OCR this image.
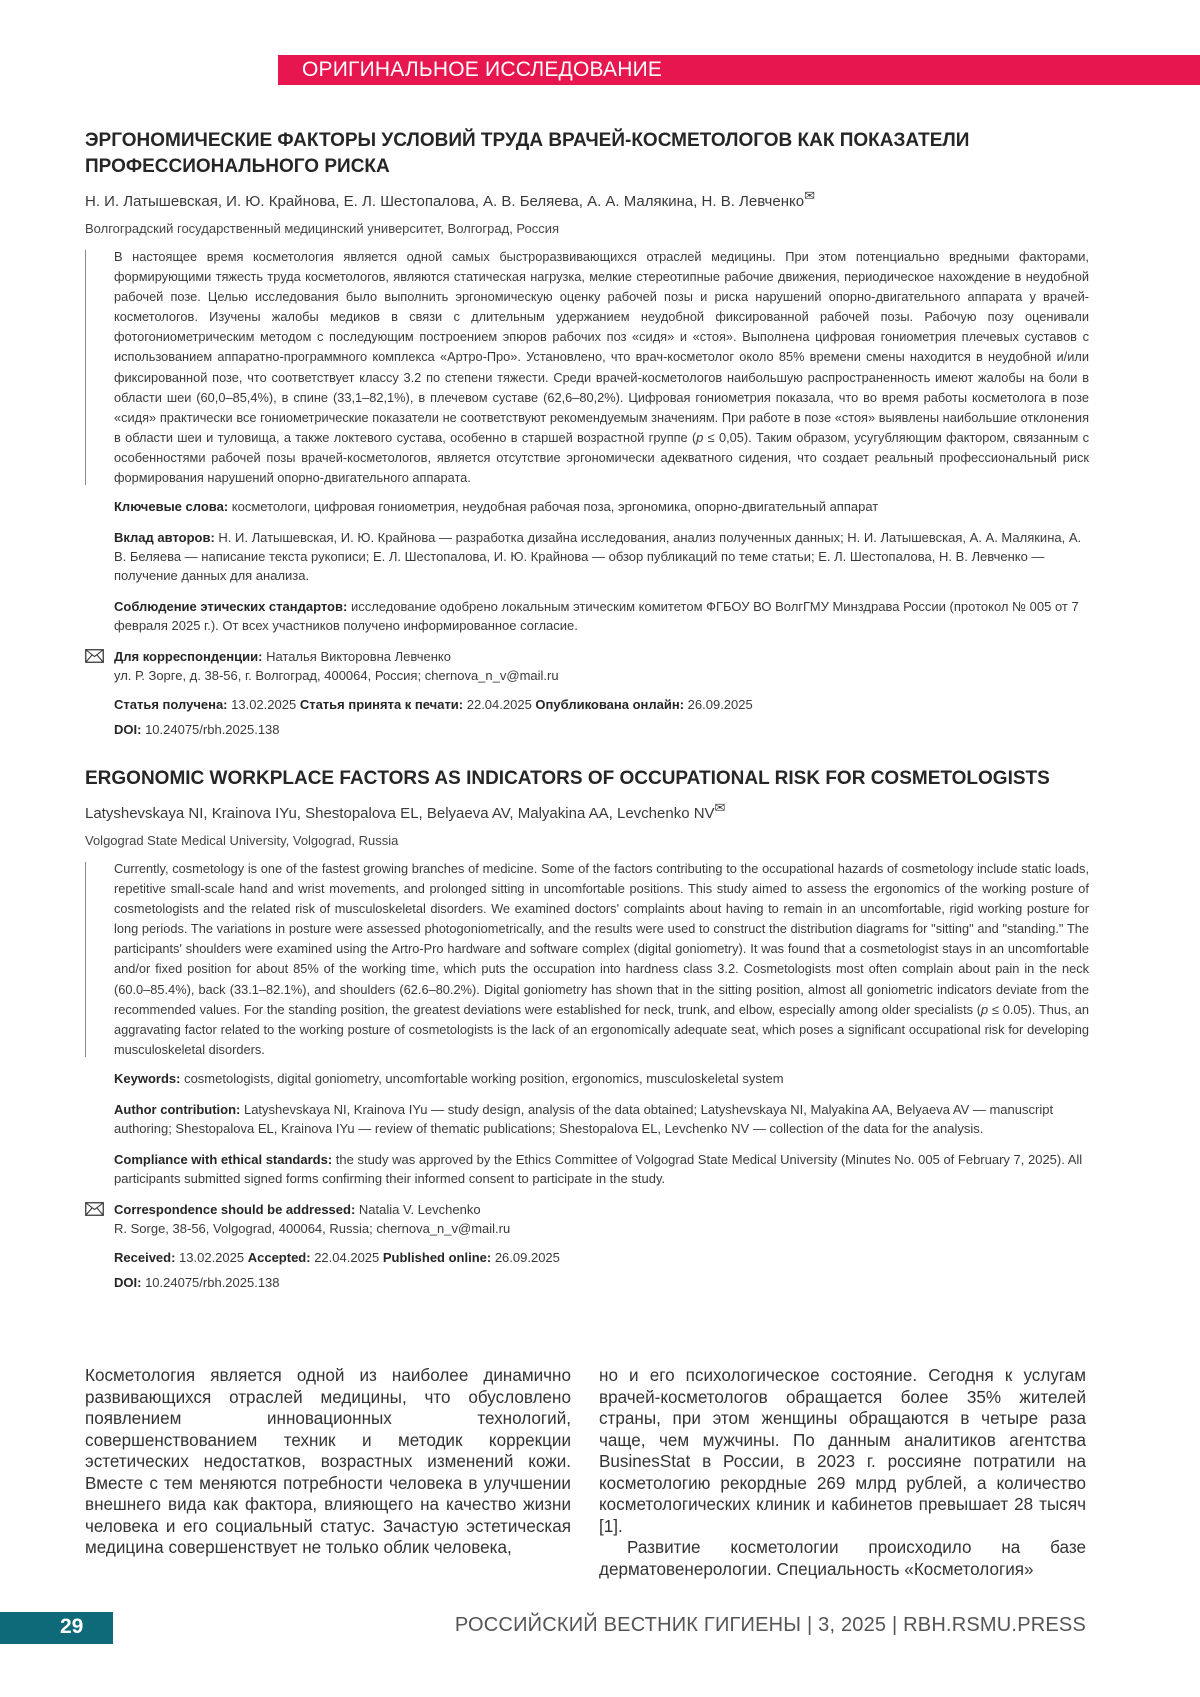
ОРИГИНАЛЬНОЕ ИССЛЕДОВАНИЕ
ЭРГОНОМИЧЕСКИЕ ФАКТОРЫ УСЛОВИЙ ТРУДА ВРАЧЕЙ-КОСМЕТОЛОГОВ КАК ПОКАЗАТЕЛИ ПРОФЕССИОНАЛЬНОГО РИСКА
Н. И. Латышевская, И. Ю. Крайнова, Е. Л. Шестопалова, А. В. Беляева, А. А. Малякина, Н. В. Левченко✉
Волгоградский государственный медицинский университет, Волгоград, Россия
В настоящее время косметология является одной самых быстроразвивающихся отраслей медицины. При этом потенциально вредными факторами, формирующими тяжесть труда косметологов, являются статическая нагрузка, мелкие стереотипные рабочие движения, периодическое нахождение в неудобной рабочей позе. Целью исследования было выполнить эргономическую оценку рабочей позы и риска нарушений опорно-двигательного аппарата у врачей-косметологов. Изучены жалобы медиков в связи с длительным удержанием неудобной фиксированной рабочей позы. Рабочую позу оценивали фотогониометрическим методом с последующим построением эпюров рабочих поз «сидя» и «стоя». Выполнена цифровая гониометрия плечевых суставов с использованием аппаратно-программного комплекса «Артро-Про». Установлено, что врач-косметолог около 85% времени смены находится в неудобной и/или фиксированной позе, что соответствует классу 3.2 по степени тяжести. Среди врачей-косметологов наибольшую распространенность имеют жалобы на боли в области шеи (60,0–85,4%), в спине (33,1–82,1%), в плечевом суставе (62,6–80,2%). Цифровая гониометрия показала, что во время работы косметолога в позе «сидя» практически все гониометрические показатели не соответствуют рекомендуемым значениям. При работе в позе «стоя» выявлены наибольшие отклонения в области шеи и туловища, а также локтевого сустава, особенно в старшей возрастной группе (p ≤ 0,05). Таким образом, усугубляющим фактором, связанным с особенностями рабочей позы врачей-косметологов, является отсутствие эргономически адекватного сидения, что создает реальный профессиональный риск формирования нарушений опорно-двигательного аппарата.
Ключевые слова: косметологи, цифровая гониометрия, неудобная рабочая поза, эргономика, опорно-двигательный аппарат
Вклад авторов: Н. И. Латышевская, И. Ю. Крайнова — разработка дизайна исследования, анализ полученных данных; Н. И. Латышевская, А. А. Малякина, А. В. Беляева — написание текста рукописи; Е. Л. Шестопалова, И. Ю. Крайнова — обзор публикаций по теме статьи; Е. Л. Шестопалова, Н. В. Левченко — получение данных для анализа.
Соблюдение этических стандартов: исследование одобрено локальным этическим комитетом ФГБОУ ВО ВолгГМУ Минздрава России (протокол № 005 от 7 февраля 2025 г.). От всех участников получено информированное согласие.
Для корреспонденции: Наталья Викторовна Левченко
ул. Р. Зорге, д. 38-56, г. Волгоград, 400064, Россия; chernova_n_v@mail.ru
Статья получена: 13.02.2025 Статья принята к печати: 22.04.2025 Опубликована онлайн: 26.09.2025
DOI: 10.24075/rbh.2025.138
ERGONOMIC WORKPLACE FACTORS AS INDICATORS OF OCCUPATIONAL RISK FOR COSMETOLOGISTS
Latyshevskaya NI, Krainova IYu, Shestopalova EL, Belyaeva AV, Malyakina AA, Levchenko NV✉
Volgograd State Medical University, Volgograd, Russia
Currently, cosmetology is one of the fastest growing branches of medicine. Some of the factors contributing to the occupational hazards of cosmetology include static loads, repetitive small-scale hand and wrist movements, and prolonged sitting in uncomfortable positions. This study aimed to assess the ergonomics of the working posture of cosmetologists and the related risk of musculoskeletal disorders. We examined doctors' complaints about having to remain in an uncomfortable, rigid working posture for long periods. The variations in posture were assessed photogoniometrically, and the results were used to construct the distribution diagrams for "sitting" and "standing." The participants' shoulders were examined using the Artro-Pro hardware and software complex (digital goniometry). It was found that a cosmetologist stays in an uncomfortable and/or fixed position for about 85% of the working time, which puts the occupation into hardness class 3.2. Cosmetologists most often complain about pain in the neck (60.0–85.4%), back (33.1–82.1%), and shoulders (62.6–80.2%). Digital goniometry has shown that in the sitting position, almost all goniometric indicators deviate from the recommended values. For the standing position, the greatest deviations were established for neck, trunk, and elbow, especially among older specialists (p ≤ 0.05). Thus, an aggravating factor related to the working posture of cosmetologists is the lack of an ergonomically adequate seat, which poses a significant occupational risk for developing musculoskeletal disorders.
Keywords: cosmetologists, digital goniometry, uncomfortable working position, ergonomics, musculoskeletal system
Author contribution: Latyshevskaya NI, Krainova IYu — study design, analysis of the data obtained; Latyshevskaya NI, Malyakina AA, Belyaeva AV — manuscript authoring; Shestopalova EL, Krainova IYu — review of thematic publications; Shestopalova EL, Levchenko NV — collection of the data for the analysis.
Compliance with ethical standards: the study was approved by the Ethics Committee of Volgograd State Medical University (Minutes No. 005 of February 7, 2025). All participants submitted signed forms confirming their informed consent to participate in the study.
Correspondence should be addressed: Natalia V. Levchenko
R. Sorge, 38-56, Volgograd, 400064, Russia; chernova_n_v@mail.ru
Received: 13.02.2025 Accepted: 22.04.2025 Published online: 26.09.2025
DOI: 10.24075/rbh.2025.138
Косметология является одной из наиболее динамично развивающихся отраслей медицины, что обусловлено появлением инновационных технологий, совершенствованием техник и методик коррекции эстетических недостатков, возрастных изменений кожи. Вместе с тем меняются потребности человека в улучшении внешнего вида как фактора, влияющего на качество жизни человека и его социальный статус. Зачастую эстетическая медицина совершенствует не только облик человека,
но и его психологическое состояние. Сегодня к услугам врачей-косметологов обращается более 35% жителей страны, при этом женщины обращаются в четыре раза чаще, чем мужчины. По данным аналитиков агентства BusinesStat в России, в 2023 г. россияне потратили на косметологию рекордные 269 млрд рублей, а количество косметологических клиник и кабинетов превышает 28 тысяч [1].
Развитие косметологии происходило на базе дерматовенерологии. Специальность «Косметология»
29	РОССИЙСКИЙ ВЕСТНИК ГИГИЕНЫ | 3, 2025 | RBH.RSMU.PRESS
